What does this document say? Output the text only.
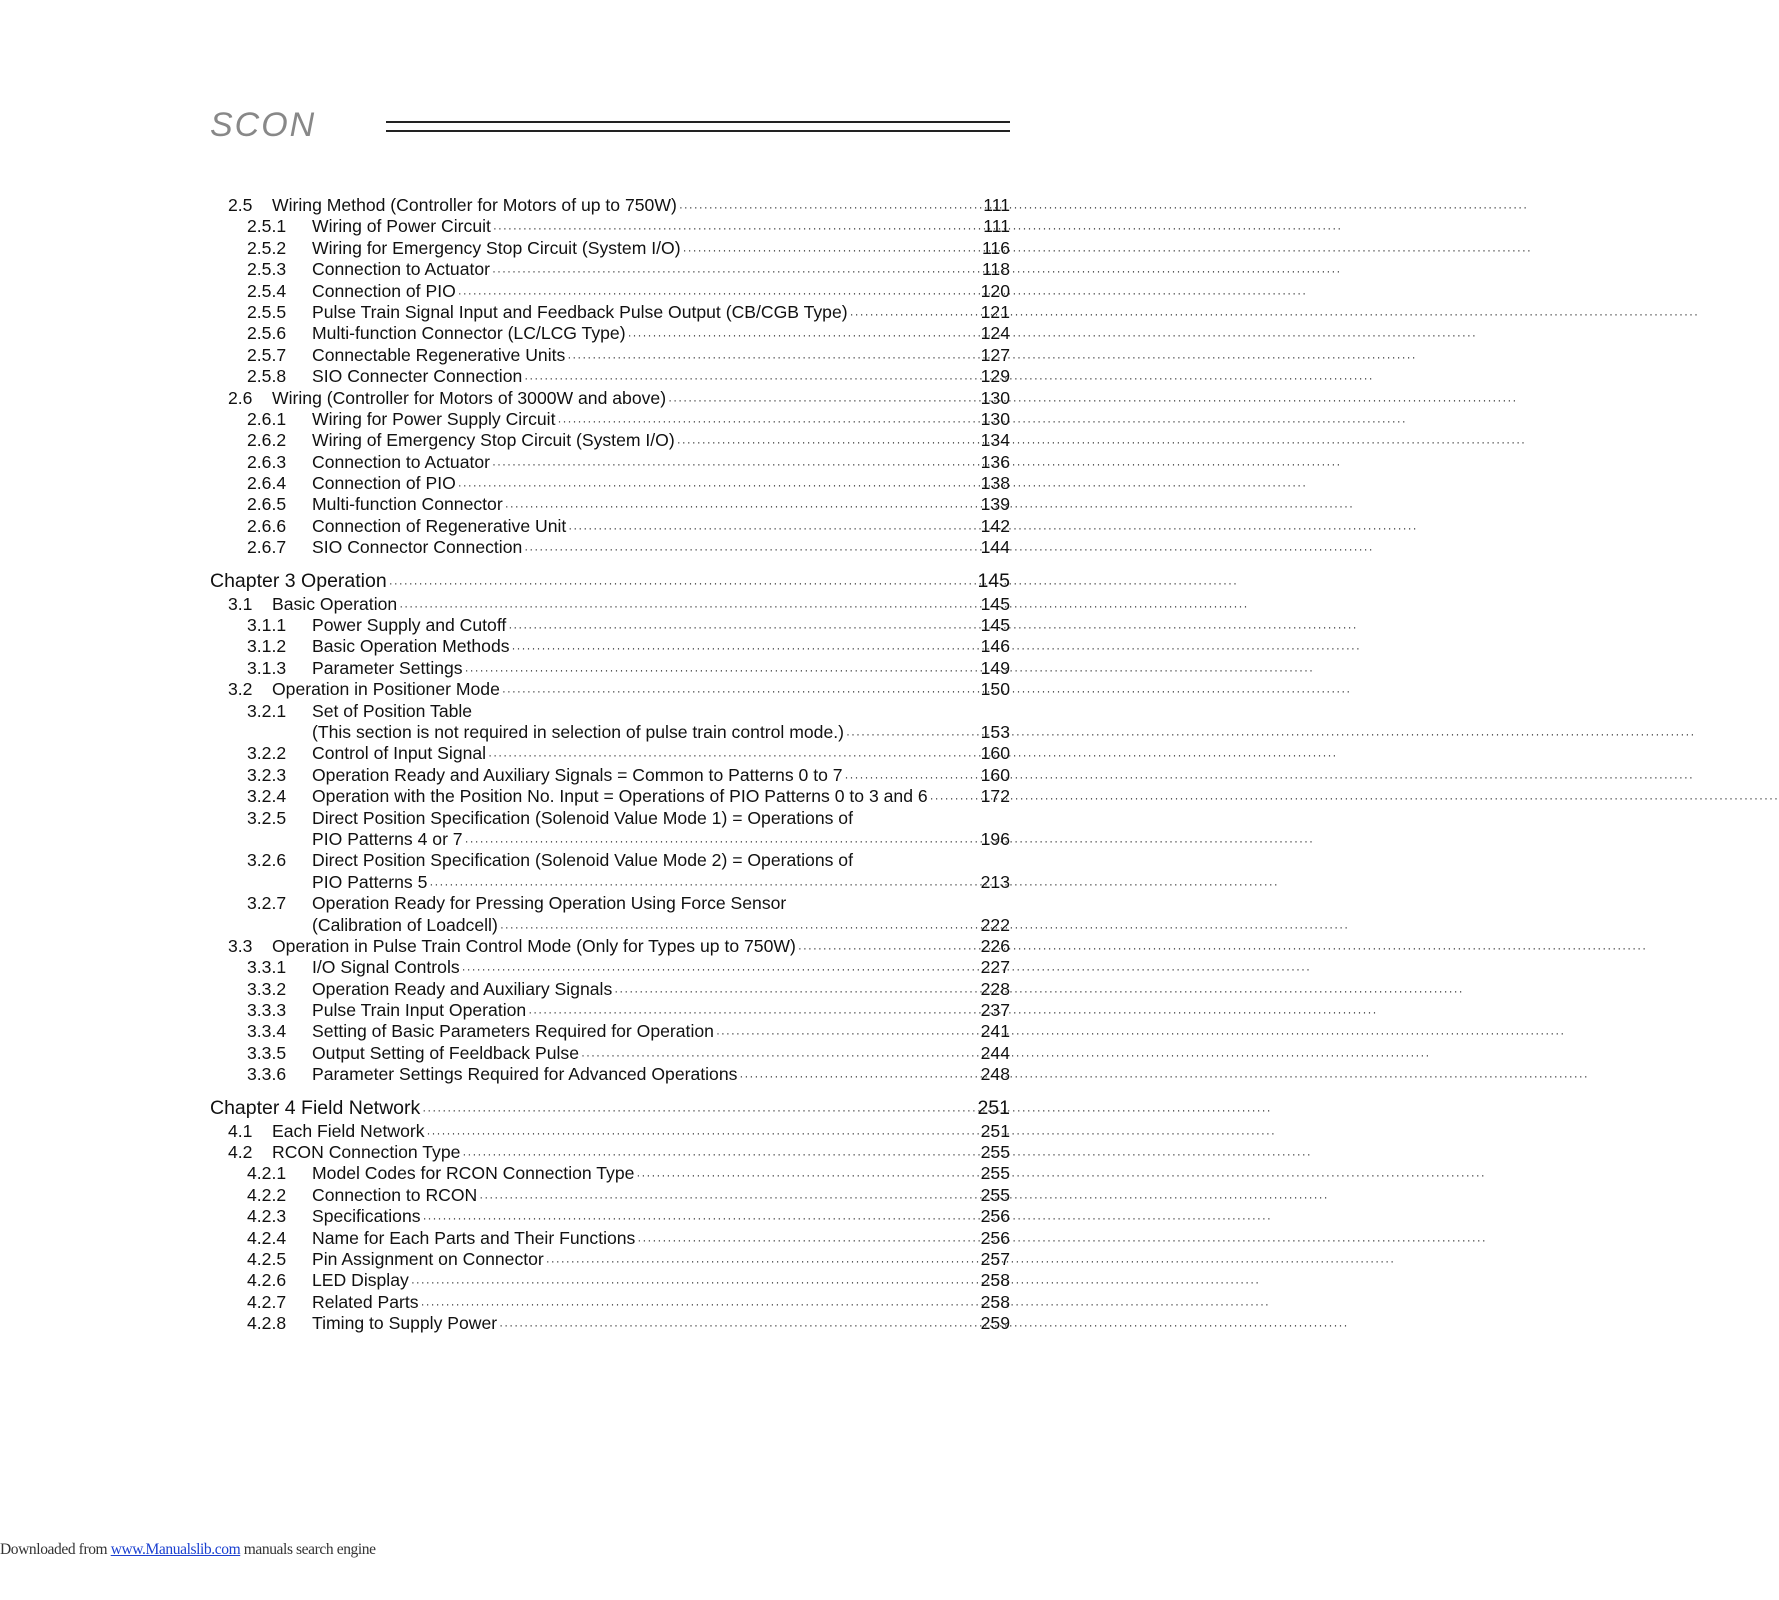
SCON
2.5	Wiring Method (Controller for Motors of up to 750W) ·····	111
2.5.1	Wiring of Power Circuit ·····	111
2.5.2	Wiring for Emergency Stop Circuit (System I/O) ·····	116
2.5.3	Connection to Actuator ·····	118
2.5.4	Connection of PIO ·····	120
2.5.5	Pulse Train Signal Input and Feedback Pulse Output (CB/CGB Type) ·····	121
2.5.6	Multi-function Connector (LC/LCG Type) ·····	124
2.5.7	Connectable Regenerative Units ·····	127
2.5.8	SIO Connecter Connection ·····	129
2.6	Wiring (Controller for Motors of 3000W and above) ·····	130
2.6.1	Wiring for Power Supply Circuit ·····	130
2.6.2	Wiring of Emergency Stop Circuit (System I/O) ·····	134
2.6.3	Connection to Actuator ·····	136
2.6.4	Connection of PIO ·····	138
2.6.5	Multi-function Connector ·····	139
2.6.6	Connection of Regenerative Unit ·····	142
2.6.7	SIO Connector Connection ·····	144
Chapter 3 Operation ·····	145
3.1	Basic Operation ·····	145
3.1.1	Power Supply and Cutoff ·····	145
3.1.2	Basic Operation Methods ·····	146
3.1.3	Parameter Settings ·····	149
3.2	Operation in Positioner Mode ·····	150
3.2.1	Set of Position Table
(This section is not required in selection of pulse train control mode.) ·····	153
3.2.2	Control of Input Signal ·····	160
3.2.3	Operation Ready and Auxiliary Signals = Common to Patterns 0 to 7 ·····	160
3.2.4	Operation with the Position No. Input = Operations of PIO Patterns 0 to 3 and 6 ·····	172
3.2.5	Direct Position Specification (Solenoid Value Mode 1) = Operations of
PIO Patterns 4 or 7 ·····	196
3.2.6	Direct Position Specification (Solenoid Value Mode 2) = Operations of
PIO Patterns 5 ·····	213
3.2.7	Operation Ready for Pressing Operation Using Force Sensor
(Calibration of Loadcell) ·····	222
3.3	Operation in Pulse Train Control Mode (Only for Types up to 750W) ·····	226
3.3.1	I/O Signal Controls ·····	227
3.3.2	Operation Ready and Auxiliary Signals ·····	228
3.3.3	Pulse Train Input Operation ·····	237
3.3.4	Setting of Basic Parameters Required for Operation ·····	241
3.3.5	Output Setting of Feeldback Pulse ·····	244
3.3.6	Parameter Settings Required for Advanced Operations ·····	248
Chapter 4 Field Network ·····	251
4.1	Each Field Network ·····	251
4.2	RCON Connection Type ·····	255
4.2.1	Model Codes for RCON Connection Type ·····	255
4.2.2	Connection to RCON ·····	255
4.2.3	Specifications ·····	256
4.2.4	Name for Each Parts and Their Functions ·····	256
4.2.5	Pin Assignment on Connector ·····	257
4.2.6	LED Display ·····	258
4.2.7	Related Parts ·····	258
4.2.8	Timing to Supply Power ·····	259
Downloaded from www.Manualslib.com manuals search engine
